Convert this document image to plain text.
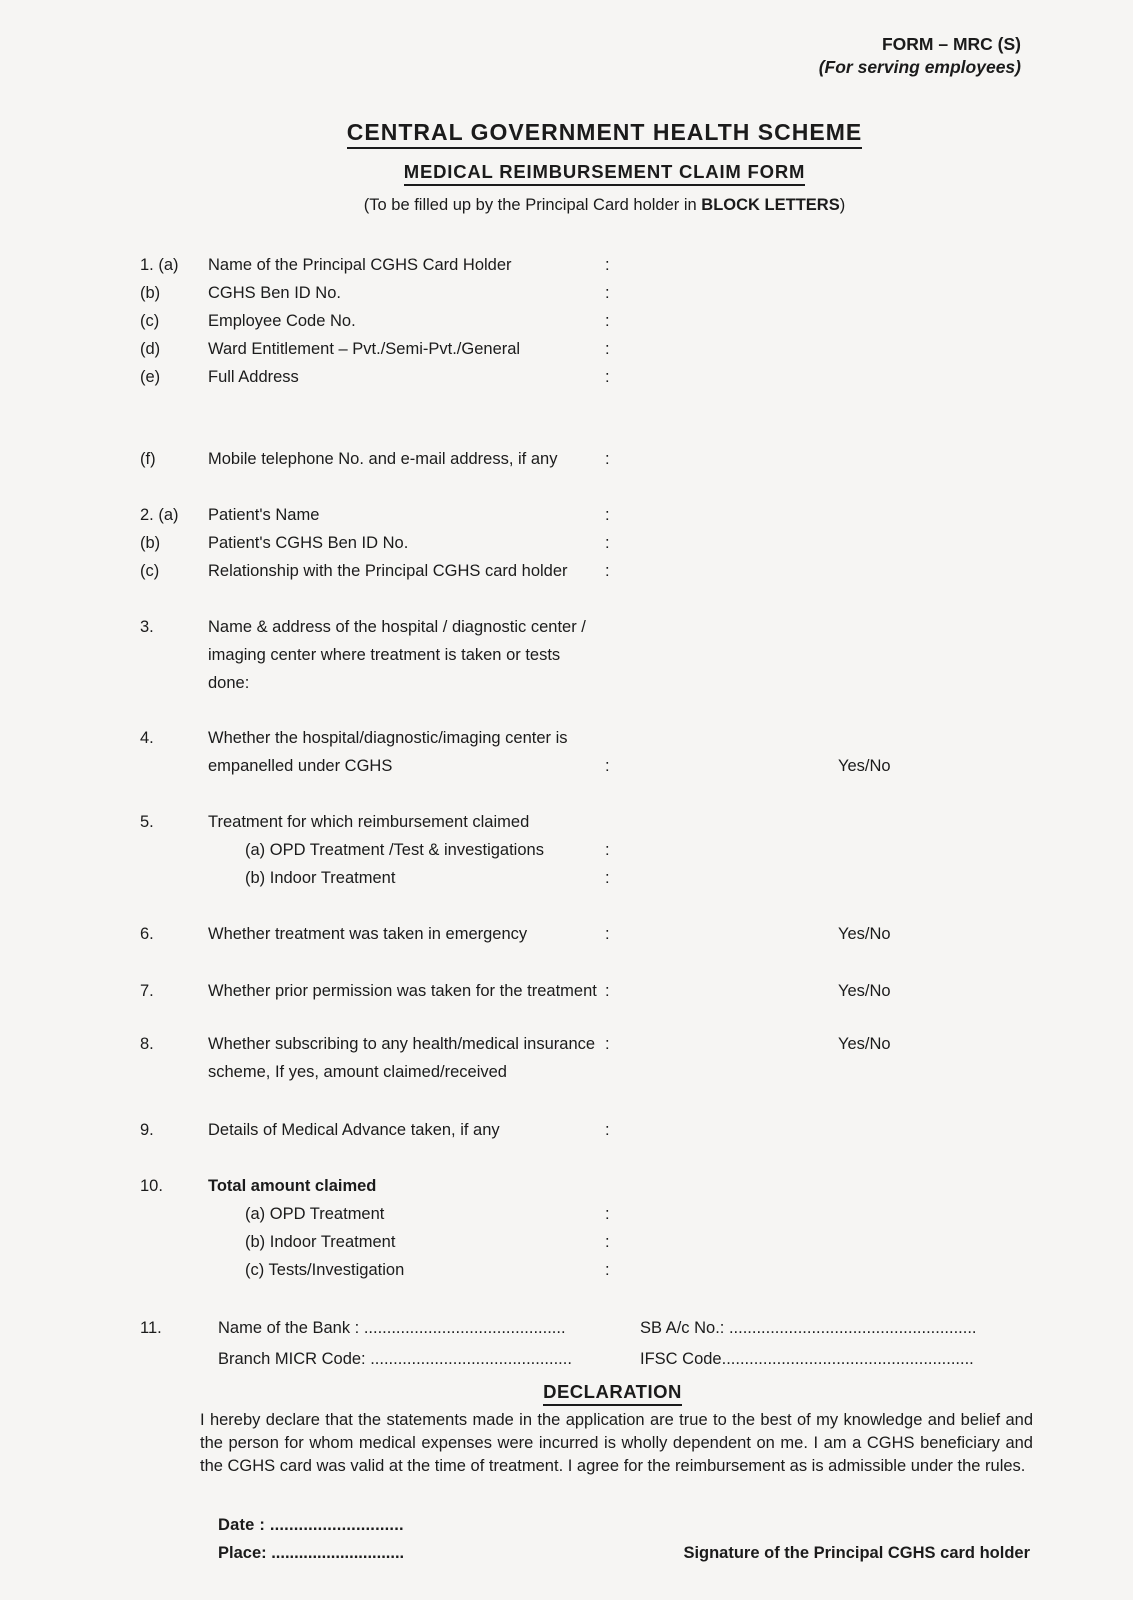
FORM – MRC (S)
(For serving employees)
CENTRAL GOVERNMENT HEALTH SCHEME
MEDICAL REIMBURSEMENT CLAIM FORM
(To be filled up by the Principal Card holder in BLOCK LETTERS)
1. (a)	Name of the Principal CGHS Card Holder	:
(b)	CGHS Ben ID No.	:
(c)	Employee Code No.	:
(d)	Ward Entitlement – Pvt./Semi-Pvt./General	:
(e)	Full Address	:
(f)	Mobile telephone No. and e-mail address, if any	:
2. (a)	Patient's Name	:
(b)	Patient's CGHS Ben ID No.	:
(c)	Relationship with the Principal CGHS card holder	:
3.	Name & address of the hospital / diagnostic center /
imaging center where treatment is taken or tests done:
4.	Whether the hospital/diagnostic/imaging center is
empanelled under CGHS	:	Yes/No
5.	Treatment for which reimbursement claimed
(a) OPD Treatment /Test & investigations	:
(b) Indoor Treatment	:
6.	Whether treatment was taken in emergency	:	Yes/No
7.	Whether prior permission was taken for the treatment :	Yes/No
8.	Whether subscribing to any health/medical insurance :	Yes/No
scheme, If yes, amount claimed/received
9.	Details of Medical Advance taken, if any	:
10.	Total amount claimed
(a) OPD Treatment	:
(b) Indoor Treatment	:
(c) Tests/Investigation	:
11.	Name of the Bank : ............................................	SB A/c No.: ......................................................
Branch MICR Code: ............................................	IFSC Code.......................................................
DECLARATION
I hereby declare that the statements made in the application are true to the best of my knowledge and belief and the person for whom medical expenses were incurred is wholly dependent on me. I am a CGHS beneficiary and the CGHS card was valid at the time of treatment. I agree for the reimbursement as is admissible under the rules.
Date : ............................
Place: .............................	Signature of the Principal CGHS card holder
